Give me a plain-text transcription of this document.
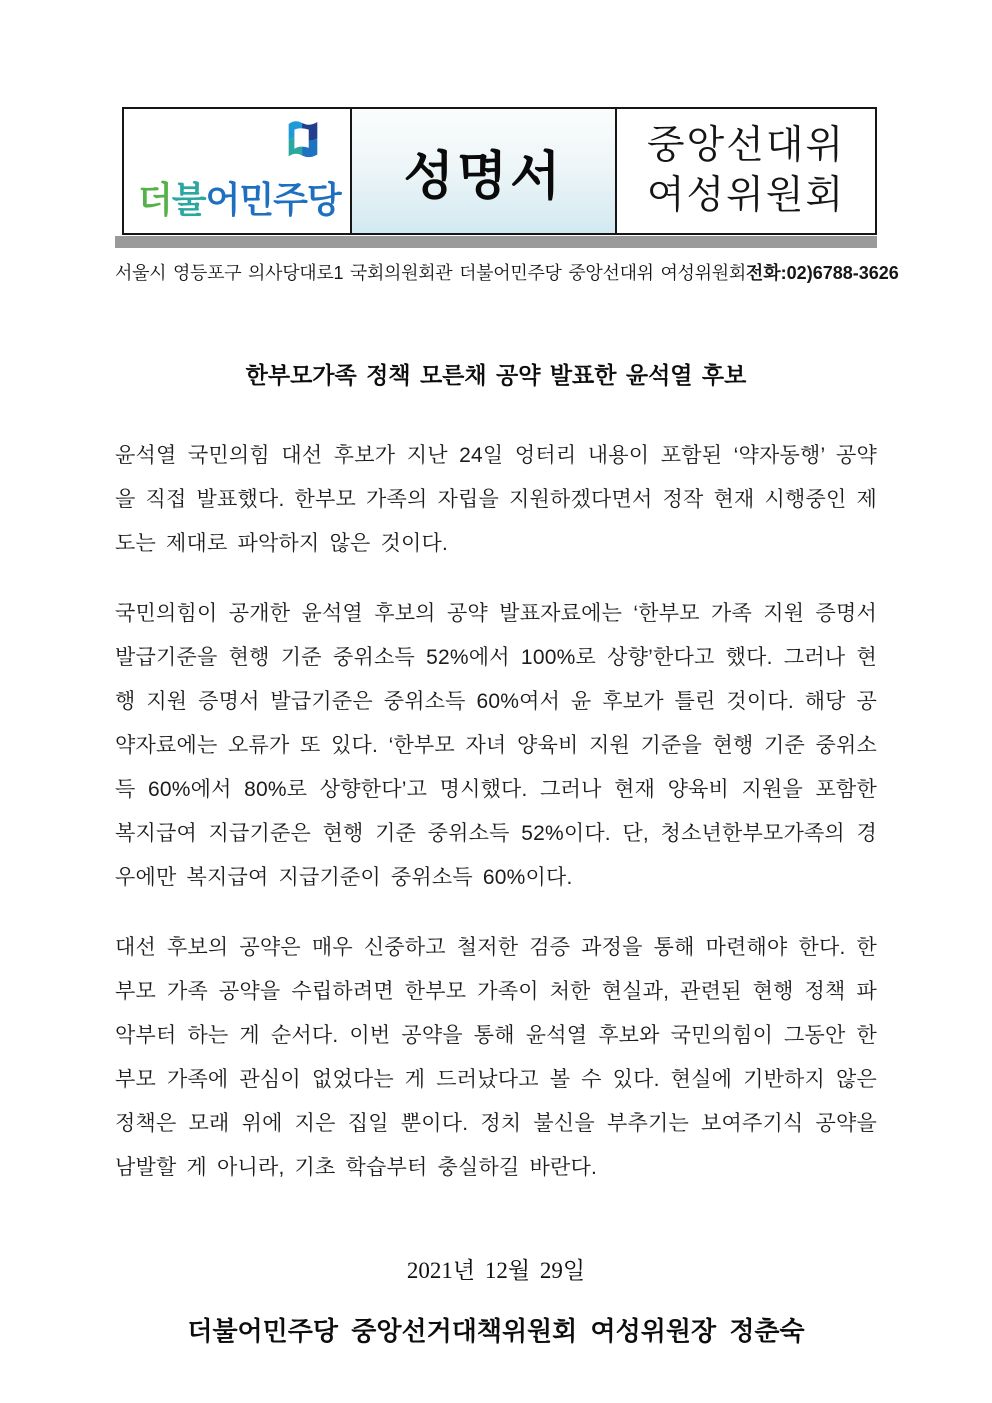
더불어민주당 성명서
중앙선대위
여성위원회
서울시 영등포구 의사당대로1 국회의원회관 더불어민주당 중앙선대위 여성위원회 전화:02)6788-3626
한부모가족 정책 모른채 공약 발표한 윤석열 후보

윤석열 국민의힘 대선 후보가 지난 24일 엉터리 내용이 포함된 ‘약자동행’ 공약을 직접 발표했다. 한부모 가족의 자립을 지원하겠다면서 정작 현재 시행중인 제도는 제대로 파악하지 않은 것이다.

국민의힘이 공개한 윤석열 후보의 공약 발표자료에는 ‘한부모 가족 지원 증명서 발급기준을 현행 기준 중위소득 52%에서 100%로 상향’한다고 했다. 그러나 현행 지원 증명서 발급기준은 중위소득 60%여서 윤 후보가 틀린 것이다. 해당 공약자료에는 오류가 또 있다. ‘한부모 자녀 양육비 지원 기준을 현행 기준 중위소득 60%에서 80%로 상향한다’고 명시했다. 그러나 현재 양육비 지원을 포함한 복지급여 지급기준은 현행 기준 중위소득 52%이다. 단, 청소년한부모가족의 경우에만 복지급여 지급기준이 중위소득 60%이다.

대선 후보의 공약은 매우 신중하고 철저한 검증 과정을 통해 마련해야 한다. 한부모 가족 공약을 수립하려면 한부모 가족이 처한 현실과, 관련된 현행 정책 파악부터 하는 게 순서다. 이번 공약을 통해 윤석열 후보와 국민의힘이 그동안 한부모 가족에 관심이 없었다는 게 드러났다고 볼 수 있다. 현실에 기반하지 않은 정책은 모래 위에 지은 집일 뿐이다. 정치 불신을 부추기는 보여주기식 공약을 남발할 게 아니라, 기초 학습부터 충실하길 바란다.

2021년 12월 29일
더불어민주당 중앙선거대책위원회 여성위원장 정춘숙
